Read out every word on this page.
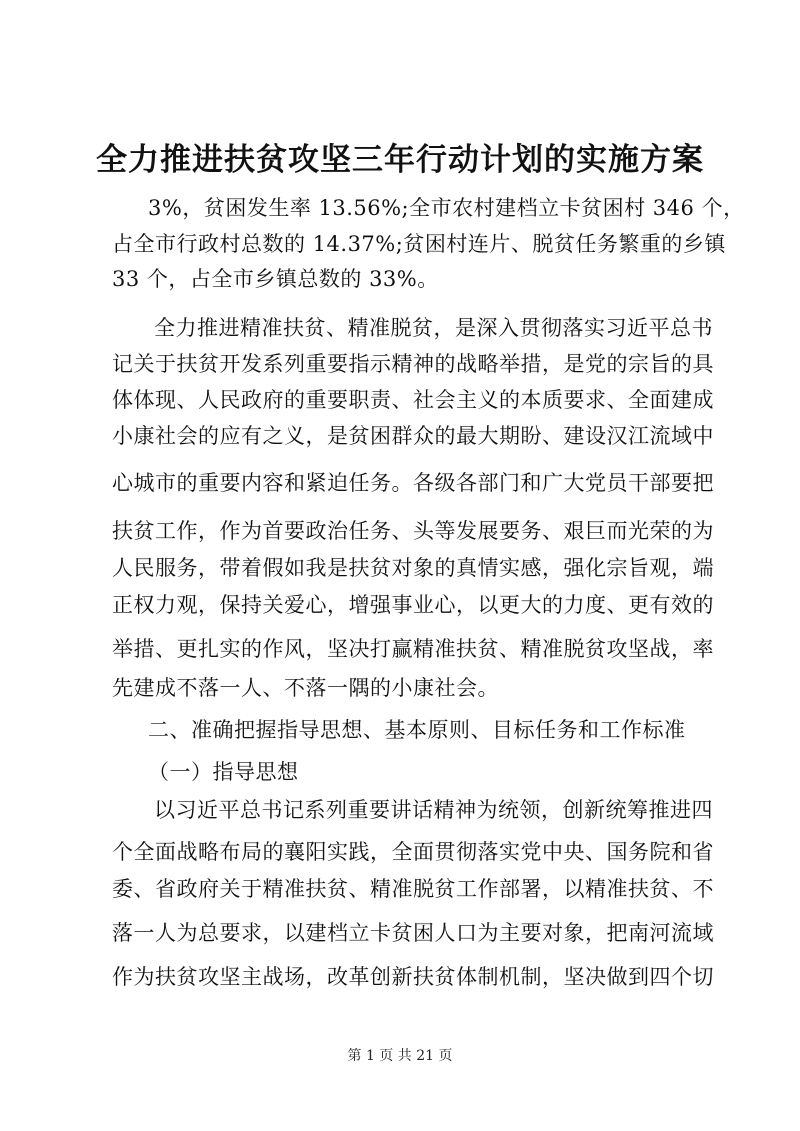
全力推进扶贫攻坚三年行动计划的实施方案
3%，贫困发生率 13.56%;全市农村建档立卡贫困村 346 个，
占全市行政村总数的 14.37%;贫困村连片、脱贫任务繁重的乡镇
33 个，占全市乡镇总数的 33%。
全力推进精准扶贫、精准脱贫，是深入贯彻落实习近平总书
记关于扶贫开发系列重要指示精神的战略举措，是党的宗旨的具
体体现、人民政府的重要职责、社会主义的本质要求、全面建成
小康社会的应有之义，是贫困群众的最大期盼、建设汉江流域中
心城市的重要内容和紧迫任务。各级各部门和广大党员干部要把
扶贫工作，作为首要政治任务、头等发展要务、艰巨而光荣的为
人民服务，带着假如我是扶贫对象的真情实感，强化宗旨观，端
正权力观，保持关爱心，增强事业心，以更大的力度、更有效的
举措、更扎实的作风，坚决打赢精准扶贫、精准脱贫攻坚战，率
先建成不落一人、不落一隅的小康社会。
二、准确把握指导思想、基本原则、目标任务和工作标准
（一）指导思想
以习近平总书记系列重要讲话精神为统领，创新统筹推进四
个全面战略布局的襄阳实践，全面贯彻落实党中央、国务院和省
委、省政府关于精准扶贫、精准脱贫工作部署，以精准扶贫、不
落一人为总要求，以建档立卡贫困人口为主要对象，把南河流域
作为扶贫攻坚主战场，改革创新扶贫体制机制，坚决做到四个切
第 1 页 共 21 页
